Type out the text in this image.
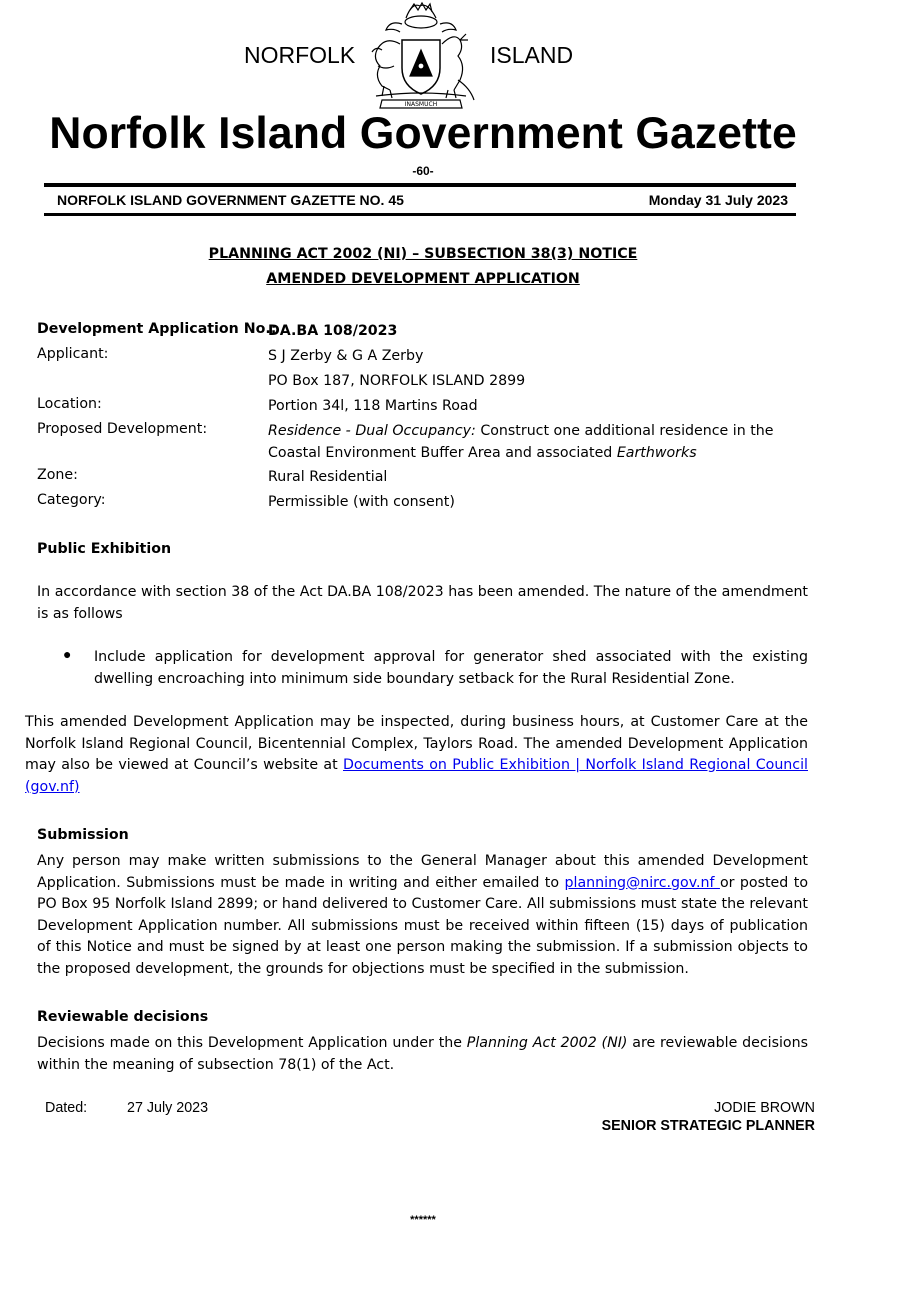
NORFOLK	ISLAND
INASMUCH
Norfolk Island Government Gazette
-60-
NORFOLK ISLAND GOVERNMENT GAZETTE NO. 45	Monday 31 July 2023
PLANNING ACT 2002 (NI) – SUBSECTION 38(3) NOTICE
AMENDED DEVELOPMENT APPLICATION
Development Application No.:
DA.BA 108/2023
Applicant:	S J Zerby & G A Zerby
PO Box 187, NORFOLK ISLAND 2899
Location:	Portion 34l, 118 Martins Road
Proposed Development:	Residence - Dual Occupancy: Construct one additional residence in the Coastal Environment Buffer Area and associated Earthworks
Zone:	Rural Residential
Category:	Permissible (with consent)
Public Exhibition
In accordance with section 38 of the Act DA.BA 108/2023 has been amended. The nature of the amendment is as follows
● Include application for development approval for generator shed associated with the existing dwelling encroaching into minimum side boundary setback for the Rural Residential Zone.
This amended Development Application may be inspected, during business hours, at Customer Care at the Norfolk Island Regional Council, Bicentennial Complex, Taylors Road. The amended Development Application may also be viewed at Council’s website at Documents on Public Exhibition | Norfolk Island Regional Council (gov.nf)
Submission
Any person may make written submissions to the General Manager about this amended Development Application. Submissions must be made in writing and either emailed to planning@nirc.gov.nf or posted to PO Box 95 Norfolk Island 2899; or hand delivered to Customer Care. All submissions must state the relevant Development Application number. All submissions must be received within fifteen (15) days of publication of this Notice and must be signed by at least one person making the submission. If a submission objects to the proposed development, the grounds for objections must be specified in the submission.
Reviewable decisions
Decisions made on this Development Application under the Planning Act 2002 (NI) are reviewable decisions within the meaning of subsection 78(1) of the Act.
Dated:	27 July 2023	JODIE BROWN
SENIOR STRATEGIC PLANNER
******
